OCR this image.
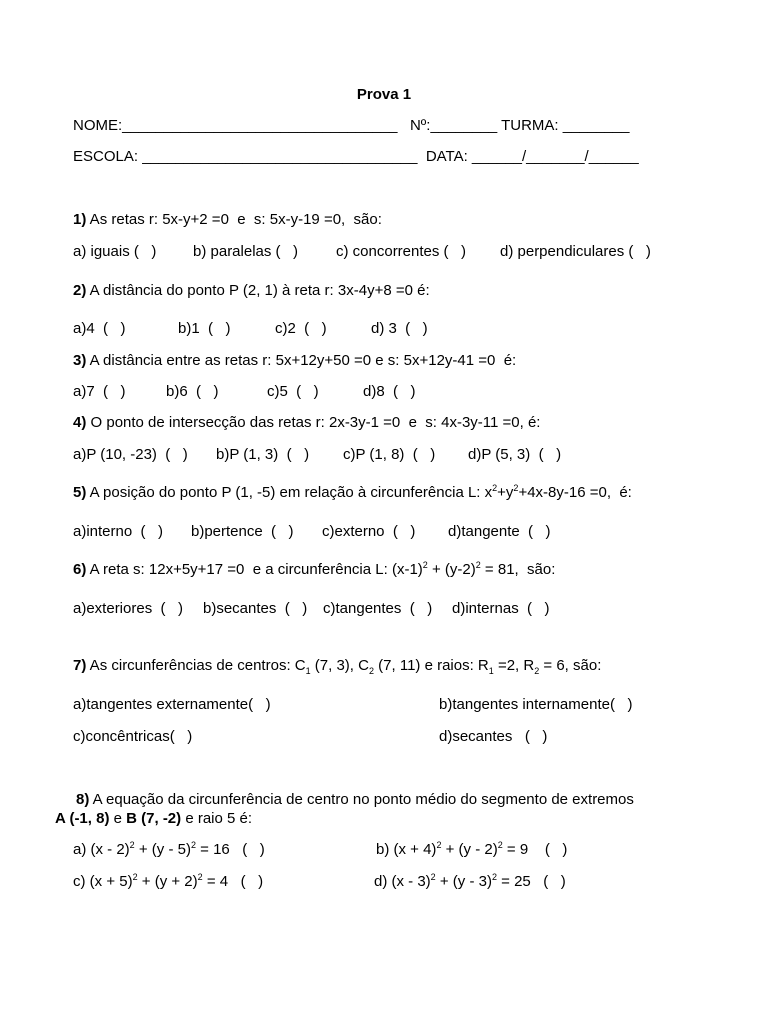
Prova 1
NOME:_________________________________   Nº:________ TURMA: ________
ESCOLA: _________________________________  DATA: ______/_______/______
1) As retas r: 5x-y+2 =0  e  s: 5x-y-19 =0,  são:
a) iguais (   ) b) paralelas (   )	c) concorrentes (   ) d) perpendiculares (   )
2) A distância do ponto P (2, 1) à reta r: 3x-4y+8 =0 é:
a)4  (   )	b)1  (   )	c)2  (   )	d) 3  (   )
3) A distância entre as retas r: 5x+12y+50 =0 e s: 5x+12y-41 =0  é:
a)7  (   )	b)6  (   )	c)5  (   )	d)8  (   )
4) O ponto de intersecção das retas r: 2x-3y-1 =0  e  s: 4x-3y-11 =0, é:
a)P (10, -23)  (   ) b)P (1, 3)  (   ) c)P (1, 8)  (   ) d)P (5, 3)  (   )
5) A posição do ponto P (1, -5) em relação à circunferência L: $x^2+y^2+4x-8y-16 =0$,  é:
a)interno  (   ) b)pertence  (   ) c)externo  (   ) d)tangente  (   )
6) A reta s: 12x+5y+17 =0  e a circunferência L: $(x-1)^2 + (y-2)^2 = 81$,  são:
a)exteriores  (   ) b)secantes  (   ) c)tangentes  (   ) d)internas  (   )
7) As circunferências de centros: $C_1$ (7, 3), $C_2$ (7, 11) e raios: $R_1 =2$, $R_2 = 6$, são:
a)tangentes externamente(   )	b)tangentes internamente(   )
c)concêntricas(   )	d)secantes   (   )
8) A equação da circunferência de centro no ponto médio do segmento de extremos
A (-1, 8) e B (7, -2) e raio 5 é:
a) (x - 2)$^2$ + (y - 5)$^2$ = 16   (   )	b) $(x + 4)^2 + (y - 2)^2 = 9$    (   )
c) $(x + 5)^2 + (y + 2)^2 = 4$   (   )	d) (x - 3)$^2$ + (y - 3)$^2$ = 25   (   )
